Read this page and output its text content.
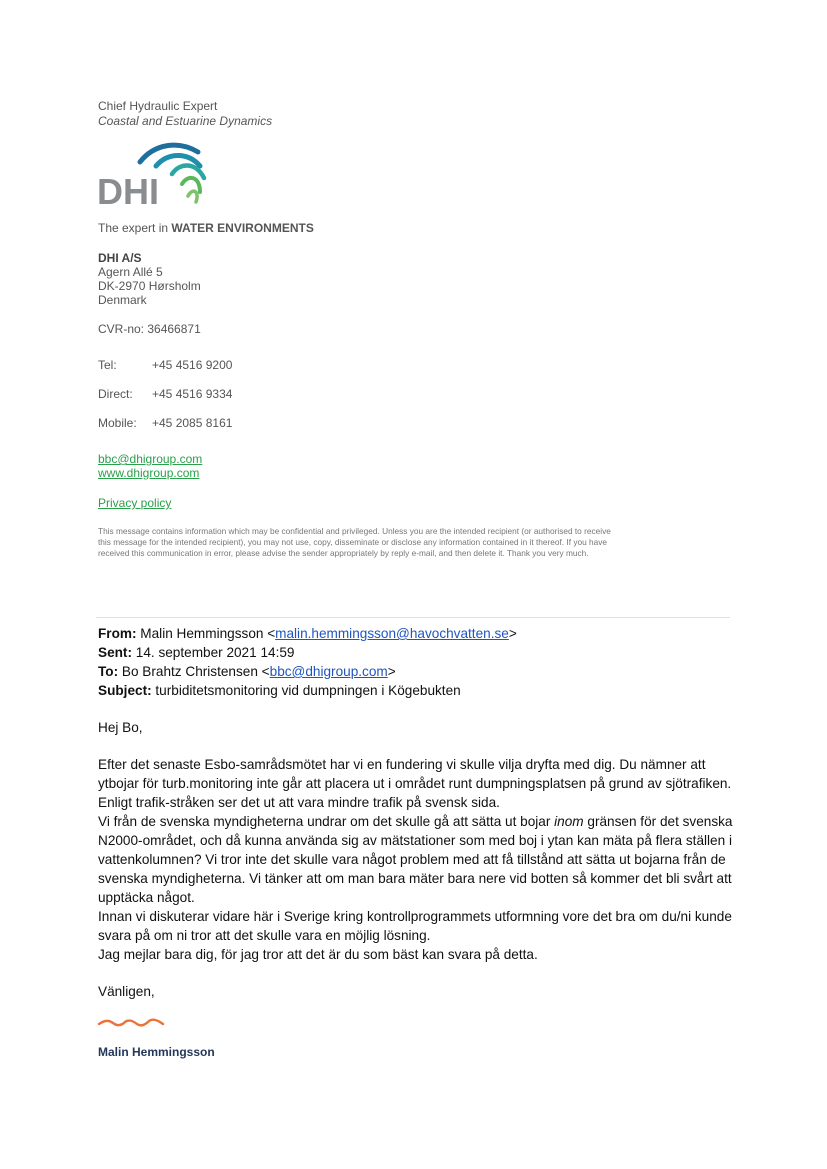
Chief Hydraulic Expert
Coastal and Estuarine Dynamics
DHI
The expert in WATER ENVIRONMENTS
DHI A/S
Agern Allé 5
DK-2970 Hørsholm
Denmark
CVR-no: 36466871
Tel:	+45 4516 9200
Direct: +45 4516 9334
Mobile: +45 2085 8161
bbc@dhigroup.com
www.dhigroup.com
Privacy policy
This message contains information which may be confidential and privileged. Unless you are the intended recipient (or authorised to receive this message for the intended recipient), you may not use, copy, disseminate or disclose any information contained in it thereof. If you have received this communication in error, please advise the sender appropriately by reply e-mail, and then delete it. Thank you very much.
From: Malin Hemmingsson <malin.hemmingsson@havochvatten.se>
Sent: 14. september 2021 14:59
To: Bo Brahtz Christensen <bbc@dhigroup.com>
Subject: turbiditetsmonitoring vid dumpningen i Kögebukten
Hej Bo,

Efter det senaste Esbo-samrådsmötet har vi en fundering vi skulle vilja dryfta med dig. Du nämner att ytbojar för turb.monitoring inte går att placera ut i området runt dumpningsplatsen på grund av sjötrafiken. Enligt trafik-stråken ser det ut att vara mindre trafik på svensk sida.

Vi från de svenska myndigheterna undrar om det skulle gå att sätta ut bojar inom gränsen för det svenska N2000-området, och då kunna använda sig av mätstationer som med boj i ytan kan mäta på flera ställen i vattenkolumnen? Vi tror inte det skulle vara något problem med att få tillstånd att sätta ut bojarna från de svenska myndigheterna. Vi tänker att om man bara mäter bara nere vid botten så kommer det bli svårt att upptäcka något.

Innan vi diskuterar vidare här i Sverige kring kontrollprogrammets utformning vore det bra om du/ni kunde svara på om ni tror att det skulle vara en möjlig lösning.

Jag mejlar bara dig, för jag tror att det är du som bäst kan svara på detta.

Vänligen,
Malin Hemmingsson
